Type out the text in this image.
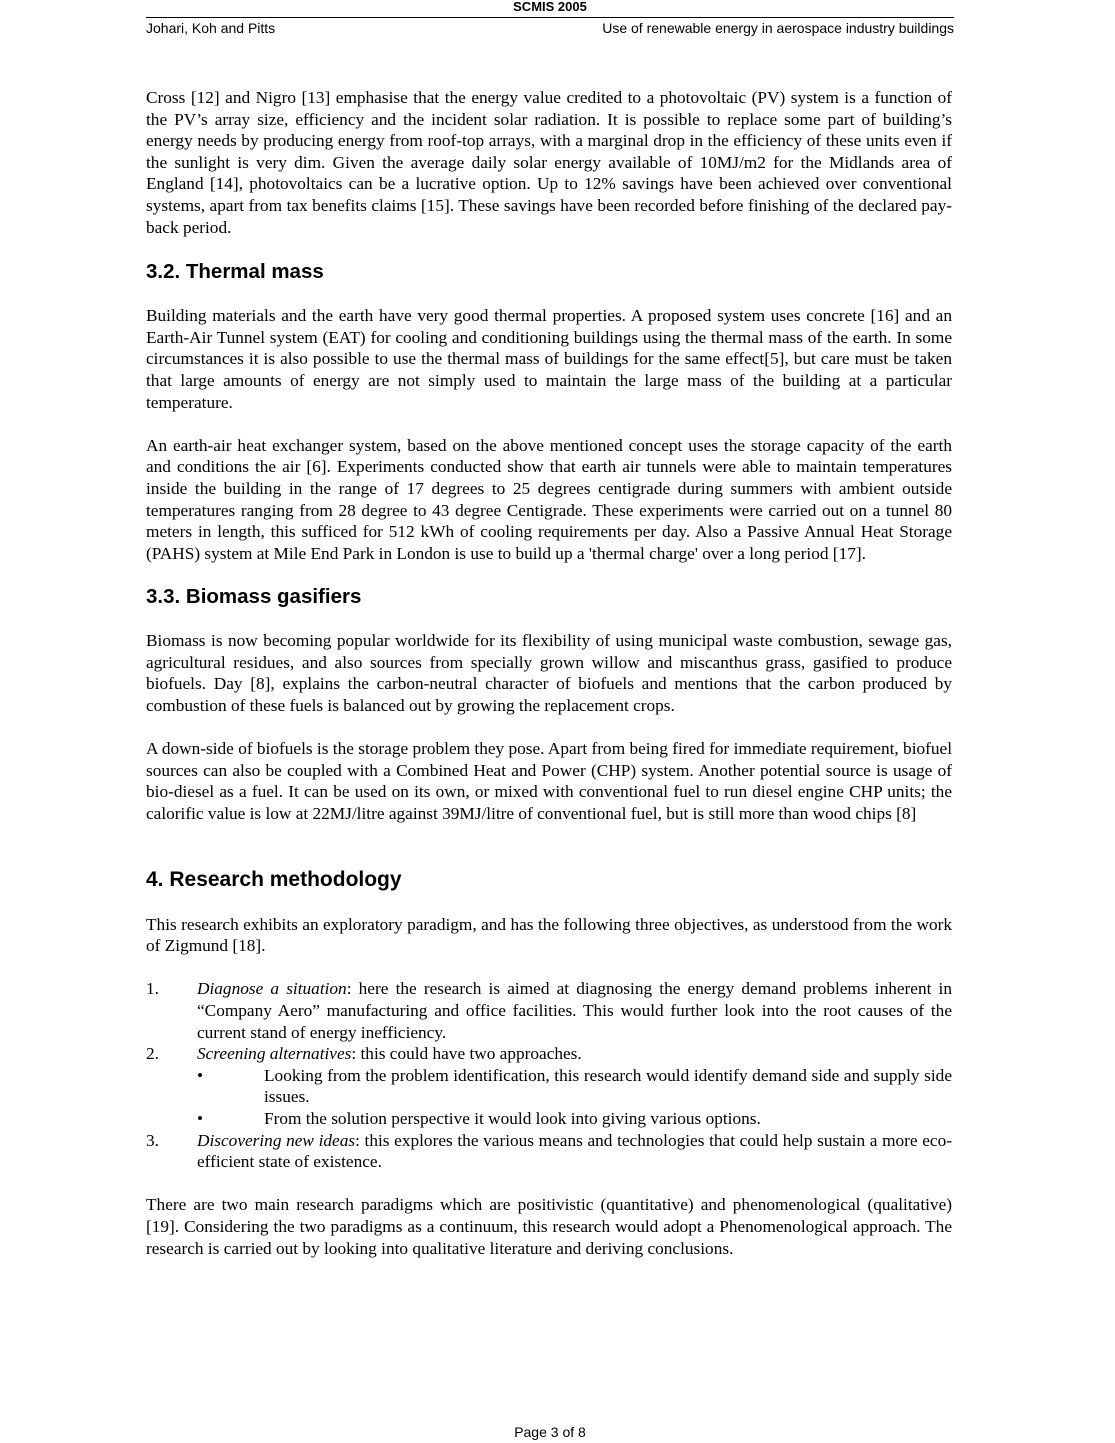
SCMIS 2005
Johari, Koh and Pitts	Use of renewable energy in aerospace industry buildings

Cross [12] and Nigro [13] emphasise that the energy value credited to a photovoltaic (PV) system is a function of the PV’s array size, efficiency and the incident solar radiation. It is possible to replace some part of building’s energy needs by producing energy from roof-top arrays, with a marginal drop in the efficiency of these units even if the sunlight is very dim. Given the average daily solar energy available of 10MJ/m2 for the Midlands area of England [14], photovoltaics can be a lucrative option. Up to 12% savings have been achieved over conventional systems, apart from tax benefits claims [15]. These savings have been recorded before finishing of the declared pay-back period.

3.2. Thermal mass

Building materials and the earth have very good thermal properties. A proposed system uses concrete [16] and an Earth-Air Tunnel system (EAT) for cooling and conditioning buildings using the thermal mass of the earth. In some circumstances it is also possible to use the thermal mass of buildings for the same effect[5], but care must be taken that large amounts of energy are not simply used to maintain the large mass of the building at a particular temperature.

An earth-air heat exchanger system, based on the above mentioned concept uses the storage capacity of the earth and conditions the air [6]. Experiments conducted show that earth air tunnels were able to maintain temperatures inside the building in the range of 17 degrees to 25 degrees centigrade during summers with ambient outside temperatures ranging from 28 degree to 43 degree Centigrade. These experiments were carried out on a tunnel 80 meters in length, this sufficed for 512 kWh of cooling requirements per day. Also a Passive Annual Heat Storage (PAHS) system at Mile End Park in London is use to build up a 'thermal charge' over a long period [17].

3.3. Biomass gasifiers

Biomass is now becoming popular worldwide for its flexibility of using municipal waste combustion, sewage gas, agricultural residues, and also sources from specially grown willow and miscanthus grass, gasified to produce biofuels. Day [8], explains the carbon-neutral character of biofuels and mentions that the carbon produced by combustion of these fuels is balanced out by growing the replacement crops.

A down-side of biofuels is the storage problem they pose. Apart from being fired for immediate requirement, biofuel sources can also be coupled with a Combined Heat and Power (CHP) system. Another potential source is usage of bio-diesel as a fuel. It can be used on its own, or mixed with conventional fuel to run diesel engine CHP units; the calorific value is low at 22MJ/litre against 39MJ/litre of conventional fuel, but is still more than wood chips [8]

4. Research methodology

This research exhibits an exploratory paradigm, and has the following three objectives, as understood from the work of Zigmund [18].

1.	Diagnose a situation: here the research is aimed at diagnosing the energy demand problems inherent in “Company Aero” manufacturing and office facilities. This would further look into the root causes of the current stand of energy inefficiency.
2.	Screening alternatives: this could have two approaches.
•	Looking from the problem identification, this research would identify demand side and supply side issues.
•	From the solution perspective it would look into giving various options.
3.	Discovering new ideas: this explores the various means and technologies that could help sustain a more eco-efficient state of existence.

There are two main research paradigms which are positivistic (quantitative) and phenomenological (qualitative) [19]. Considering the two paradigms as a continuum, this research would adopt a Phenomenological approach. The research is carried out by looking into qualitative literature and deriving conclusions.

Page 3 of 8
